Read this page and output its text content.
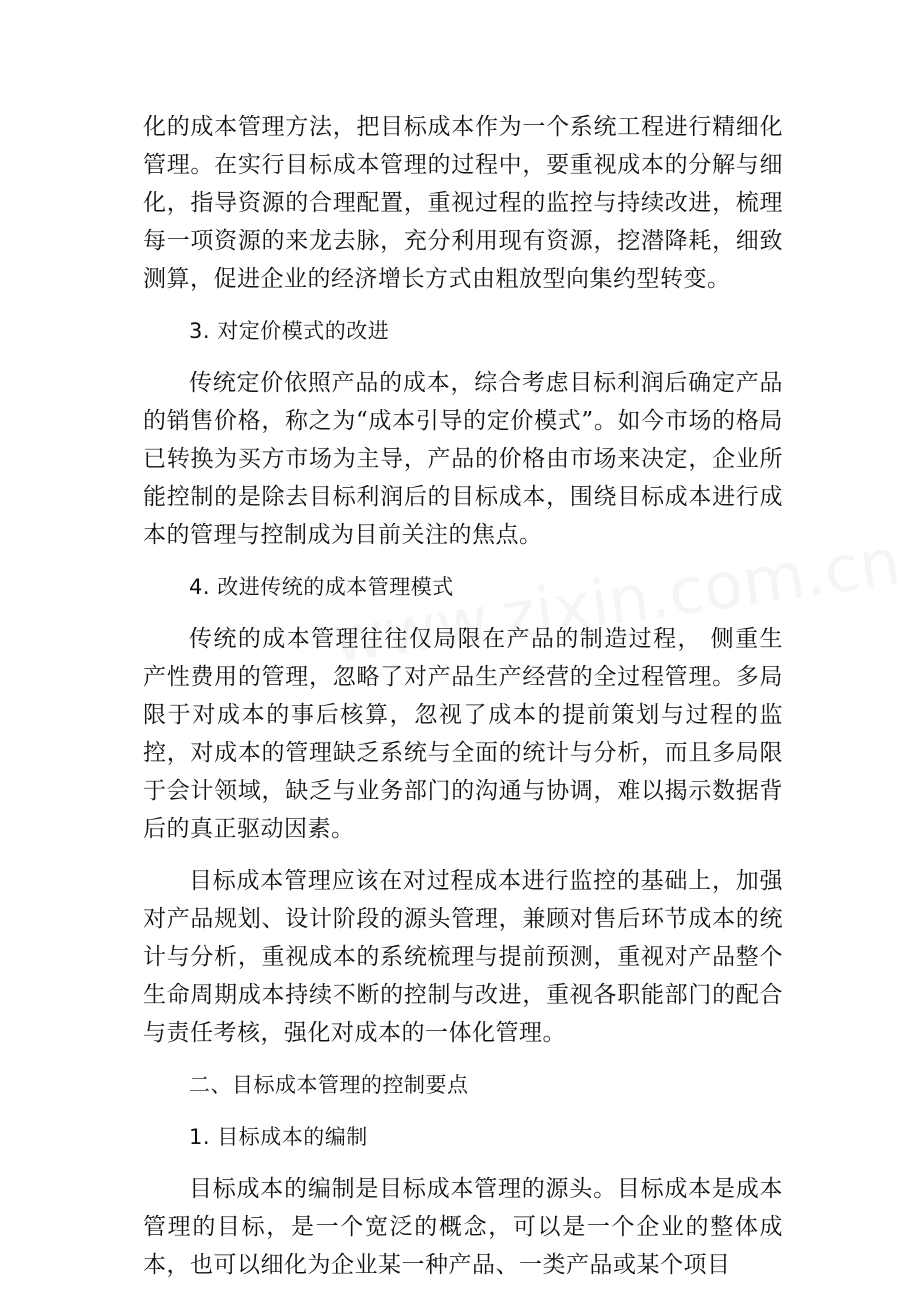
化的成本管理方法，把目标成本作为一个系统工程进行精细化管理。在实行目标成本管理的过程中，要重视成本的分解与细化，指导资源的合理配置，重视过程的监控与持续改进，梳理每一项资源的来龙去脉，充分利用现有资源，挖潜降耗，细致测算，促进企业的经济增长方式由粗放型向集约型转变。

3. 对定价模式的改进

传统定价依照产品的成本，综合考虑目标利润后确定产品的销售价格，称之为“成本引导的定价模式”。如今市场的格局已转换为买方市场为主导，产品的价格由市场来决定，企业所能控制的是除去目标利润后的目标成本，围绕目标成本进行成本的管理与控制成为目前关注的焦点。

4. 改进传统的成本管理模式

传统的成本管理往往仅局限在产品的制造过程， 侧重生产性费用的管理，忽略了对产品生产经营的全过程管理。多局限于对成本的事后核算，忽视了成本的提前策划与过程的监控，对成本的管理缺乏系统与全面的统计与分析，而且多局限于会计领域，缺乏与业务部门的沟通与协调，难以揭示数据背后的真正驱动因素。

目标成本管理应该在对过程成本进行监控的基础上，加强对产品规划、设计阶段的源头管理，兼顾对售后环节成本的统计与分析，重视成本的系统梳理与提前预测，重视对产品整个生命周期成本持续不断的控制与改进，重视各职能部门的配合与责任考核，强化对成本的一体化管理。

二、目标成本管理的控制要点

1. 目标成本的编制

目标成本的编制是目标成本管理的源头。目标成本是成本管理的目标，是一个宽泛的概念，可以是一个企业的整体成本，也可以细化为企业某一种产品、一类产品或某个项目
